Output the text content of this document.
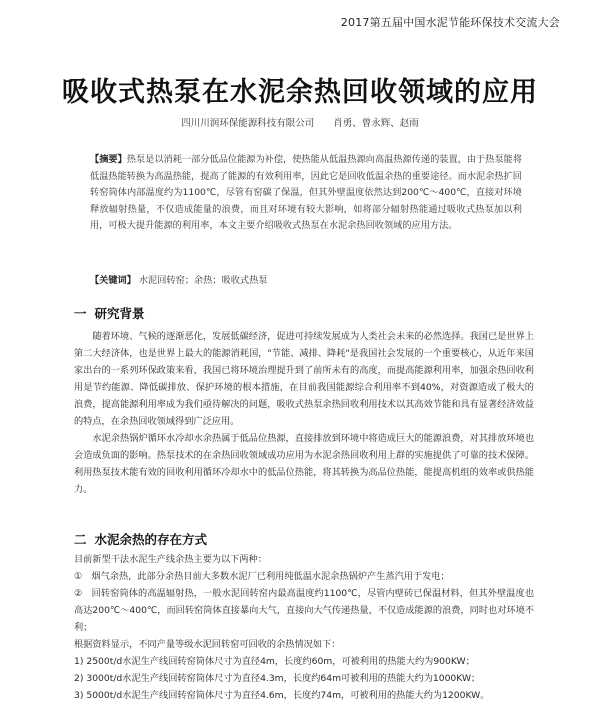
2017第五届中国水泥节能环保技术交流大会
吸收式热泵在水泥余热回收领域的应用
四川川润环保能源科技有限公司 肖勇、曾永辉、赵雨
【摘要】热泵是以消耗一部分低品位能源为补偿，使热能从低温热源向高温热源传递的装置，由于热泵能将低温热能转换为高温热能，提高了能源的有效利用率，因此它是回收低温余热的重要途径。而水泥余热扩回转窑筒体内部温度约为1100℃，尽管有窑碳了保温，但其外壁温度依然达到200℃～400℃，直接对环境释放辐射热量，不仅造成能量的浪费，而且对环境有较大影响，如将部分辐射热能通过吸收式热泵加以利用，可极大提升能源的利用率，本文主要介绍吸收式热泵在水泥余热回收领域的应用方法。
【关键词】 水泥回转窑；余热；吸收式热泵
一 研究背景

随着环境、气候的逐渐恶化，发展低碳经济，促进可持续发展成为人类社会未来的必然选择。我国已是世界上第二大经济体，也是世界上最大的能源消耗国，"节能、减排、降耗"是我国社会发展的一个重要核心，从近年来国家出台的一系列环保政策来看，我国已将环境治理提升到了前所未有的高度，而提高能源利用率，加强余热回收利用是节约能源、降低碳排放、保护环境的根本措施，在目前我国能源综合利用率不到40%，对资源造成了极大的浪费，提高能源利用率成为我们亟待解决的问题，吸收式热泵余热回收利用技术以其高效节能和具有显著经济效益的特点，在余热回收领域得到广泛应用。

水泥余热锅炉循环水冷却水余热属于低品位热源，直接排放到环境中将造成巨大的能源浪费，对其排放环境也会造成负面的影响。热泵技术的在余热回收领域成功应用为水泥余热回收利用上群的实施提供了可靠的技术保障。利用热泵技术能有效的回收利用循环冷却水中的低品位热能，将其转换为高品位热能，能提高机组的效率或供热能力。

二 水泥余热的存在方式

目前新型干法水泥生产线余热主要为以下两种：

①　烟气余热，此部分余热目前大多数水泥厂已利用纯低温水泥余热锅炉产生蒸汽用于发电；

②　回转窑筒体的高温辐射热，一般水泥回转窑内最高温度约1100℃，尽管内壁砖已保温材料，但其外壁温度也高达200℃～400℃，而回转窑筒体直接暴向大气，直接向大气传递热量，不仅造成能源的浪费，同时也对环境不利；

根据资料显示，不同产量等级水泥回转窑可回收的余热情况如下：

1) 2500t/d水泥生产线回转窑筒体尺寸为直径4m，长度约60m，可被利用的热能大约为900KW；

2) 3000t/d水泥生产线回转窑筒体尺寸为直径4.3m，长度约64m可被利用的热能大约为1000KW；

3) 5000t/d水泥生产线回转窑筒体尺寸为直径4.6m，长度约74m，可被利用的热能大约为1200KW。
